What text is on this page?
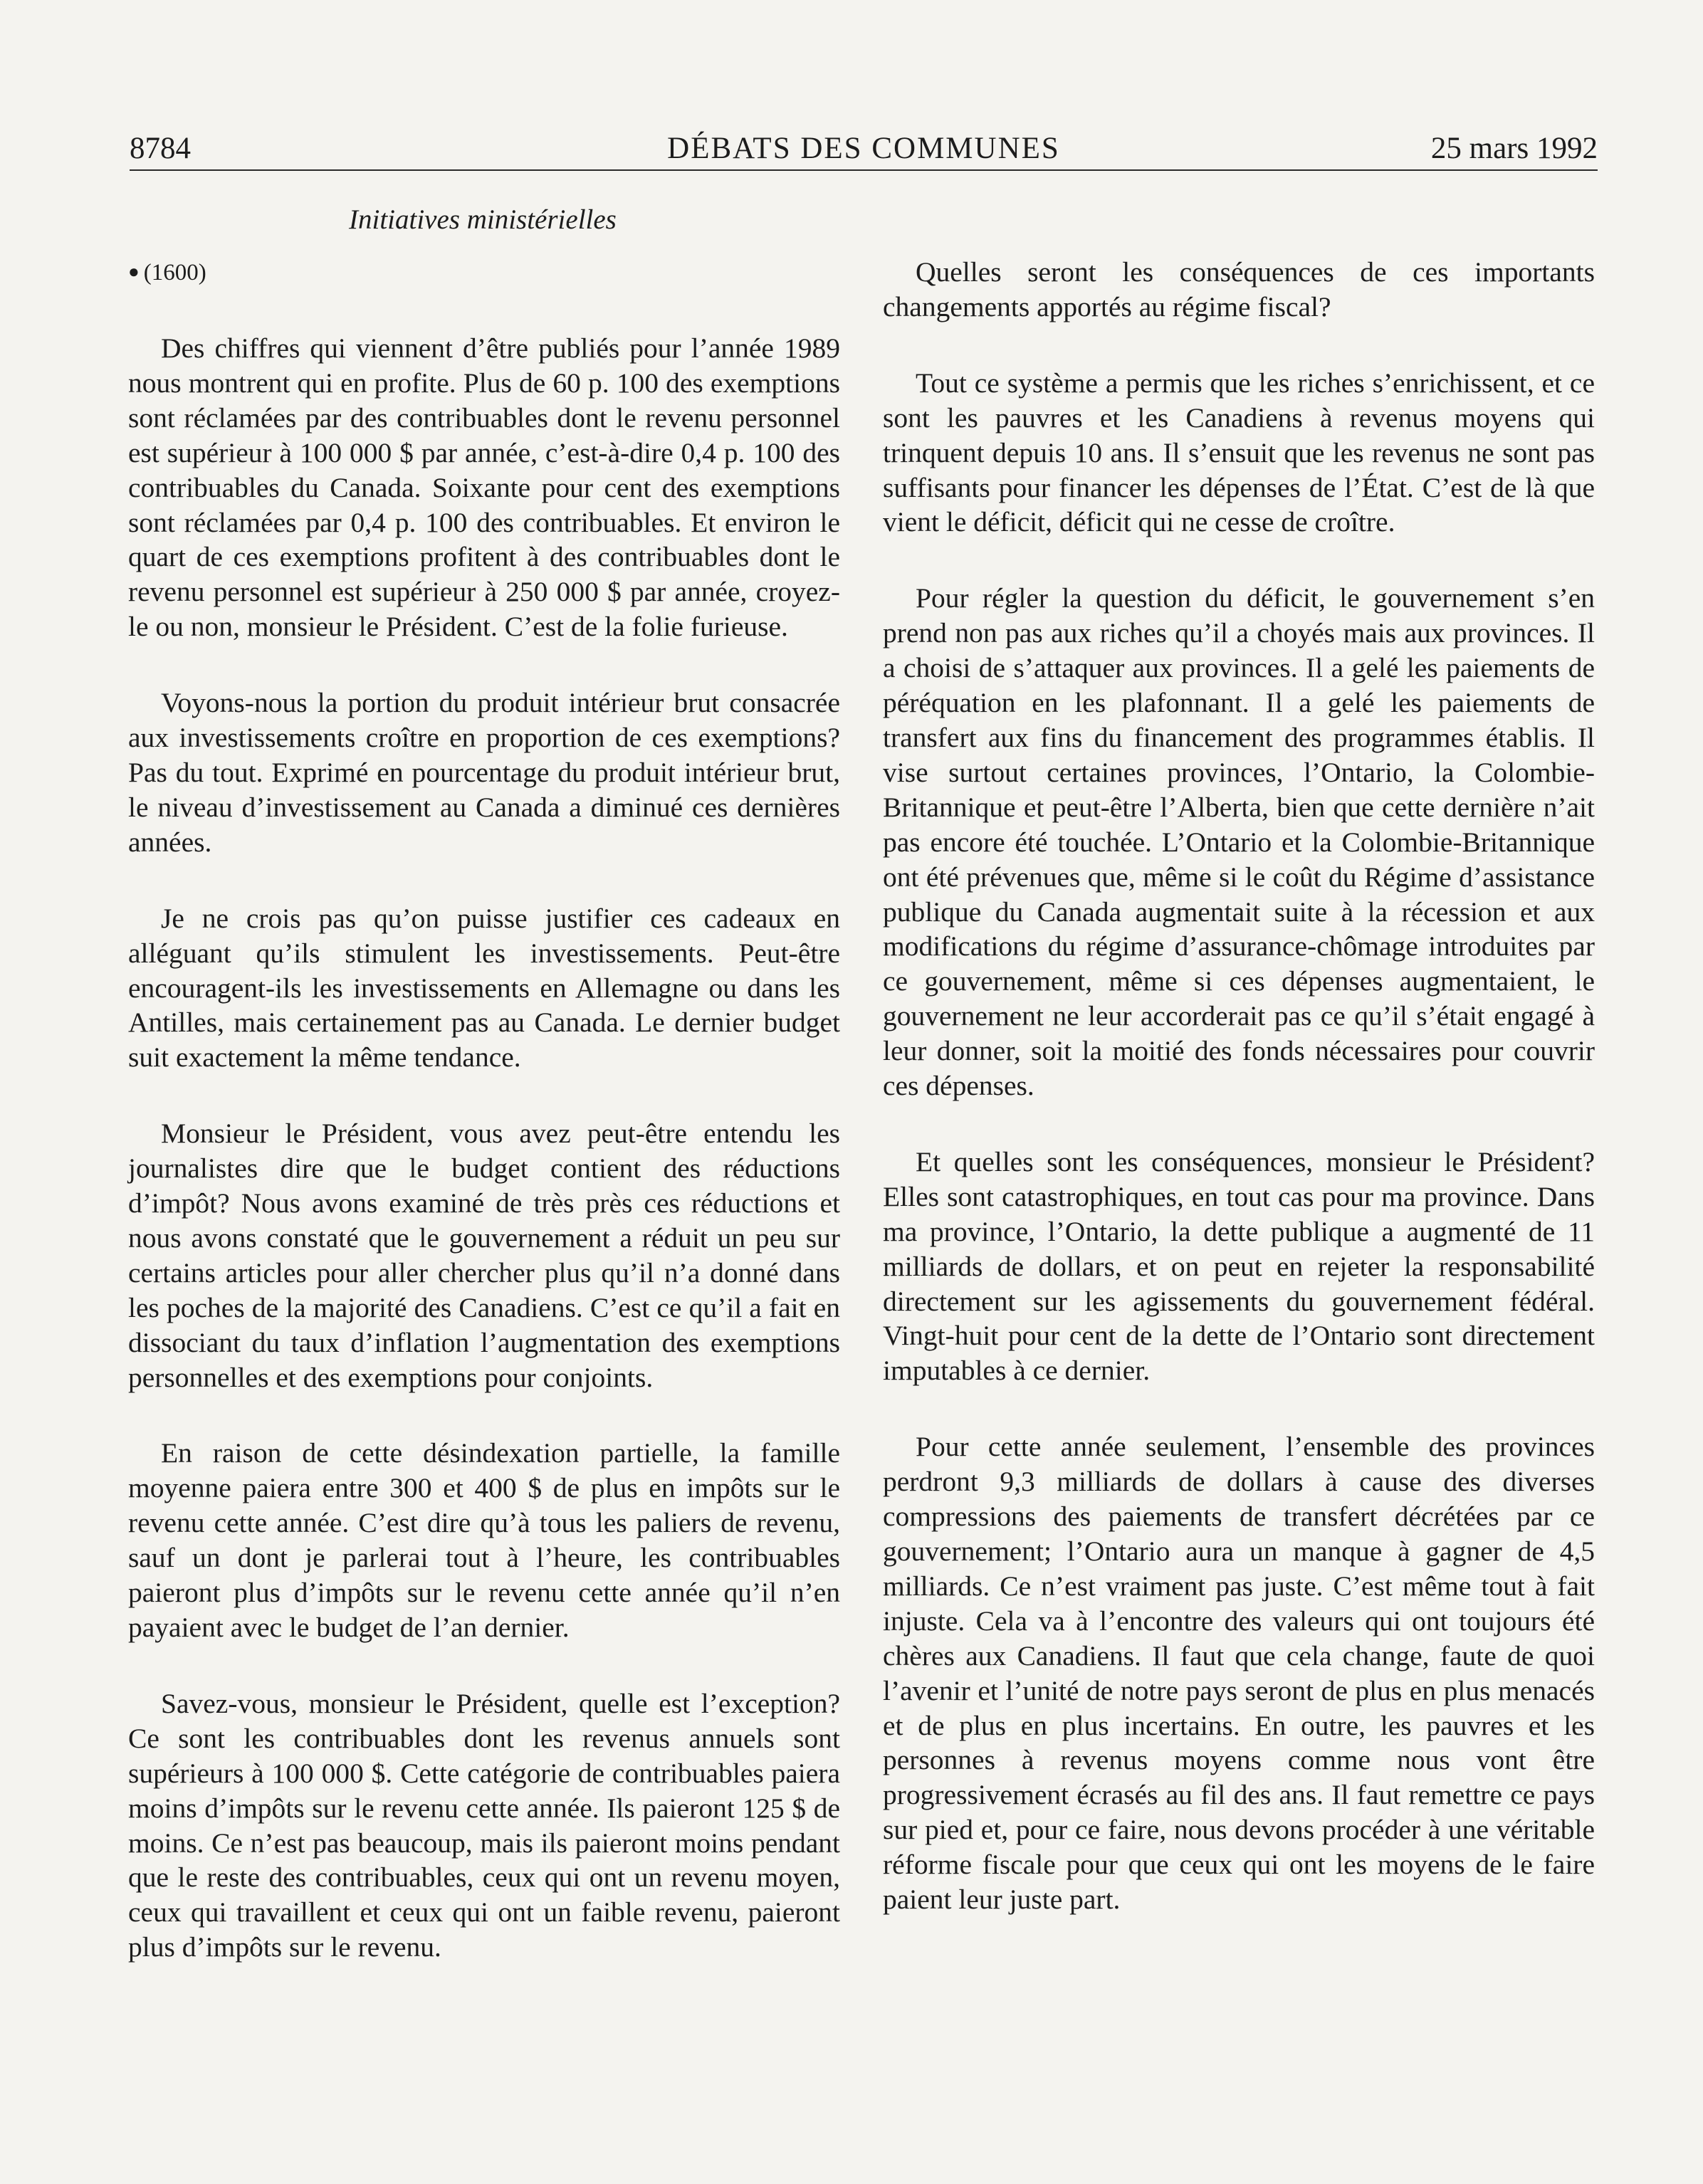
8784	DÉBATS DES COMMUNES	25 mars 1992
Initiatives ministérielles
● (1600)

Des chiffres qui viennent d’être publiés pour l’année 1989 nous montrent qui en profite. Plus de 60 p. 100 des exemptions sont réclamées par des contribuables dont le revenu personnel est supérieur à 100 000 $ par année, c’est-à-dire 0,4 p. 100 des contribuables du Canada. Soixante pour cent des exemptions sont réclamées par 0,4 p. 100 des contribuables. Et environ le quart de ces exemptions profitent à des contribuables dont le revenu personnel est supérieur à 250 000 $ par année, croyez-le ou non, monsieur le Président. C’est de la folie furieuse.

Voyons-nous la portion du produit intérieur brut consacrée aux investissements croître en proportion de ces exemptions? Pas du tout. Exprimé en pourcentage du produit intérieur brut, le niveau d’investissement au Canada a diminué ces dernières années.

Je ne crois pas qu’on puisse justifier ces cadeaux en alléguant qu’ils stimulent les investissements. Peut-être encouragent-ils les investissements en Allemagne ou dans les Antilles, mais certainement pas au Canada. Le dernier budget suit exactement la même tendance.

Monsieur le Président, vous avez peut-être entendu les journalistes dire que le budget contient des réductions d’impôt? Nous avons examiné de très près ces réductions et nous avons constaté que le gouvernement a réduit un peu sur certains articles pour aller chercher plus qu’il n’a donné dans les poches de la majorité des Canadiens. C’est ce qu’il a fait en dissociant du taux d’inflation l’augmentation des exemptions personnelles et des exemptions pour conjoints.

En raison de cette désindexation partielle, la famille moyenne paiera entre 300 et 400 $ de plus en impôts sur le revenu cette année. C’est dire qu’à tous les paliers de revenu, sauf un dont je parlerai tout à l’heure, les contribuables paieront plus d’impôts sur le revenu cette année qu’il n’en payaient avec le budget de l’an dernier.

Savez-vous, monsieur le Président, quelle est l’exception? Ce sont les contribuables dont les revenus annuels sont supérieurs à 100 000 $. Cette catégorie de contribuables paiera moins d’impôts sur le revenu cette année. Ils paieront 125 $ de moins. Ce n’est pas beaucoup, mais ils paieront moins pendant que le reste des contribuables, ceux qui ont un revenu moyen, ceux qui travaillent et ceux qui ont un faible revenu, paieront plus d’impôts sur le revenu.

Quelles seront les conséquences de ces importants changements apportés au régime fiscal?

Tout ce système a permis que les riches s’enrichissent, et ce sont les pauvres et les Canadiens à revenus moyens qui trinquent depuis 10 ans. Il s’ensuit que les revenus ne sont pas suffisants pour financer les dépenses de l’État. C’est de là que vient le déficit, déficit qui ne cesse de croître.

Pour régler la question du déficit, le gouvernement s’en prend non pas aux riches qu’il a choyés mais aux provinces. Il a choisi de s’attaquer aux provinces. Il a gelé les paiements de péréquation en les plafonnant. Il a gelé les paiements de transfert aux fins du financement des programmes établis. Il vise surtout certaines provinces, l’Ontario, la Colombie-Britannique et peut-être l’Alberta, bien que cette dernière n’ait pas encore été touchée. L’Ontario et la Colombie-Britannique ont été prévenues que, même si le coût du Régime d’assistance publique du Canada augmentait suite à la récession et aux modifications du régime d’assurance-chômage introduites par ce gouvernement, même si ces dépenses augmentaient, le gouvernement ne leur accorderait pas ce qu’il s’était engagé à leur donner, soit la moitié des fonds nécessaires pour couvrir ces dépenses.

Et quelles sont les conséquences, monsieur le Président? Elles sont catastrophiques, en tout cas pour ma province. Dans ma province, l’Ontario, la dette publique a augmenté de 11 milliards de dollars, et on peut en rejeter la responsabilité directement sur les agissements du gouvernement fédéral. Vingt-huit pour cent de la dette de l’Ontario sont directement imputables à ce dernier.

Pour cette année seulement, l’ensemble des provinces perdront 9,3 milliards de dollars à cause des diverses compressions des paiements de transfert décrétées par ce gouvernement; l’Ontario aura un manque à gagner de 4,5 milliards. Ce n’est vraiment pas juste. C’est même tout à fait injuste. Cela va à l’encontre des valeurs qui ont toujours été chères aux Canadiens. Il faut que cela change, faute de quoi l’avenir et l’unité de notre pays seront de plus en plus menacés et de plus en plus incertains. En outre, les pauvres et les personnes à revenus moyens comme nous vont être progressivement écrasés au fil des ans. Il faut remettre ce pays sur pied et, pour ce faire, nous devons procéder à une véritable réforme fiscale pour que ceux qui ont les moyens de le faire paient leur juste part.
